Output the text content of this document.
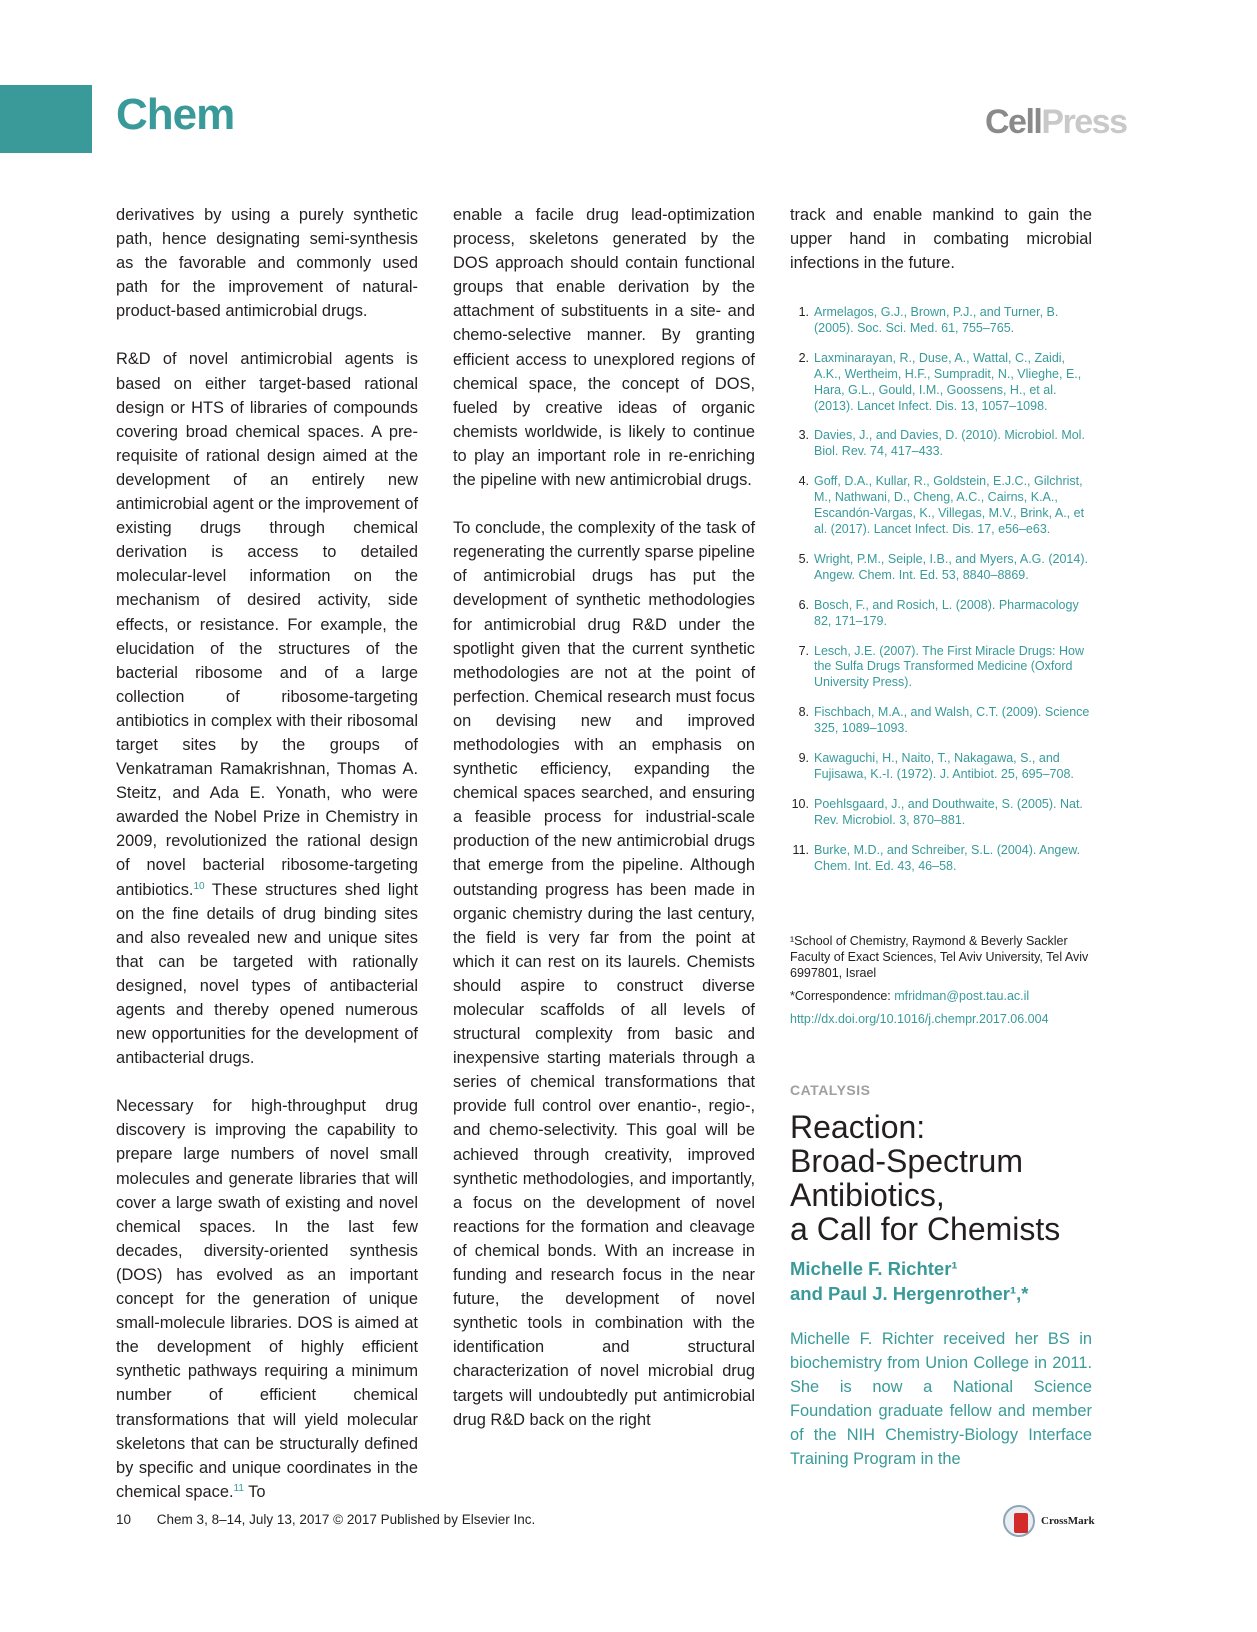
Chem	CellPress

derivatives by using a purely synthetic path, hence designating semi-synthesis as the favorable and commonly used path for the improvement of natural-product-based antimicrobial drugs.

R&D of novel antimicrobial agents is based on either target-based rational design or HTS of libraries of compounds covering broad chemical spaces. A pre-requisite of rational design aimed at the development of an entirely new antimicrobial agent or the improvement of existing drugs through chemical derivation is access to detailed molecular-level information on the mechanism of desired activity, side effects, or resistance. For example, the elucidation of the structures of the bacterial ribosome and of a large collection of ribosome-targeting antibiotics in complex with their ribosomal target sites by the groups of Venkatraman Ramakrishnan, Thomas A. Steitz, and Ada E. Yonath, who were awarded the Nobel Prize in Chemistry in 2009, revolutionized the rational design of novel bacterial ribosome-targeting antibiotics.$^{10}$ These structures shed light on the fine details of drug binding sites and also revealed new and unique sites that can be targeted with rationally designed, novel types of antibacterial agents and thereby opened numerous new opportunities for the development of antibacterial drugs.

Necessary for high-throughput drug discovery is improving the capability to prepare large numbers of novel small molecules and generate libraries that will cover a large swath of existing and novel chemical spaces. In the last few decades, diversity-oriented synthesis (DOS) has evolved as an important concept for the generation of unique small-molecule libraries. DOS is aimed at the development of highly efficient synthetic pathways requiring a minimum number of efficient chemical transformations that will yield molecular skeletons that can be structurally defined by specific and unique coordinates in the chemical space.$^{11}$ To

enable a facile drug lead-optimization process, skeletons generated by the DOS approach should contain functional groups that enable derivation by the attachment of substituents in a site- and chemo-selective manner. By granting efficient access to unexplored regions of chemical space, the concept of DOS, fueled by creative ideas of organic chemists worldwide, is likely to continue to play an important role in re-enriching the pipeline with new antimicrobial drugs.

To conclude, the complexity of the task of regenerating the currently sparse pipeline of antimicrobial drugs has put the development of synthetic methodologies for antimicrobial drug R&D under the spotlight given that the current synthetic methodologies are not at the point of perfection. Chemical research must focus on devising new and improved methodologies with an emphasis on synthetic efficiency, expanding the chemical spaces searched, and ensuring a feasible process for industrial-scale production of the new antimicrobial drugs that emerge from the pipeline. Although outstanding progress has been made in organic chemistry during the last century, the field is very far from the point at which it can rest on its laurels. Chemists should aspire to construct diverse molecular scaffolds of all levels of structural complexity from basic and inexpensive starting materials through a series of chemical transformations that provide full control over enantio-, regio-, and chemo-selectivity. This goal will be achieved through creativity, improved synthetic methodologies, and importantly, a focus on the development of novel reactions for the formation and cleavage of chemical bonds. With an increase in funding and research focus in the near future, the development of novel synthetic tools in combination with the identification and structural characterization of novel microbial drug targets will undoubtedly put antimicrobial drug R&D back on the right

track and enable mankind to gain the upper hand in combating microbial infections in the future.

1. Armelagos, G.J., Brown, P.J., and Turner, B. (2005). Soc. Sci. Med. 61, 755–765.
2. Laxminarayan, R., Duse, A., Wattal, C., Zaidi, A.K., Wertheim, H.F., Sumpradit, N., Vlieghe, E., Hara, G.L., Gould, I.M., Goossens, H., et al. (2013). Lancet Infect. Dis. 13, 1057–1098.
3. Davies, J., and Davies, D. (2010). Microbiol. Mol. Biol. Rev. 74, 417–433.
4. Goff, D.A., Kullar, R., Goldstein, E.J.C., Gilchrist, M., Nathwani, D., Cheng, A.C., Cairns, K.A., Escandón-Vargas, K., Villegas, M.V., Brink, A., et al. (2017). Lancet Infect. Dis. 17, e56–e63.
5. Wright, P.M., Seiple, I.B., and Myers, A.G. (2014). Angew. Chem. Int. Ed. 53, 8840–8869.
6. Bosch, F., and Rosich, L. (2008). Pharmacology 82, 171–179.
7. Lesch, J.E. (2007). The First Miracle Drugs: How the Sulfa Drugs Transformed Medicine (Oxford University Press).
8. Fischbach, M.A., and Walsh, C.T. (2009). Science 325, 1089–1093.
9. Kawaguchi, H., Naito, T., Nakagawa, S., and Fujisawa, K.-I. (1972). J. Antibiot. 25, 695–708.
10. Poehlsgaard, J., and Douthwaite, S. (2005). Nat. Rev. Microbiol. 3, 870–881.
11. Burke, M.D., and Schreiber, S.L. (2004). Angew. Chem. Int. Ed. 43, 46–58.

¹School of Chemistry, Raymond & Beverly Sackler Faculty of Exact Sciences, Tel Aviv University, Tel Aviv 6997801, Israel

*Correspondence: mfridman@post.tau.ac.il

http://dx.doi.org/10.1016/j.chempr.2017.06.004

CATALYSIS
Reaction:
Broad-Spectrum
Antibiotics,
a Call for Chemists
Michelle F. Richter¹
and Paul J. Hergenrother¹,*
Michelle F. Richter received her BS in biochemistry from Union College in 2011. She is now a National Science Foundation graduate fellow and member of the NIH Chemistry-Biology Interface Training Program in the
10 Chem 3, 8–14, July 13, 2017 © 2017 Published by Elsevier Inc.	CrossMark
